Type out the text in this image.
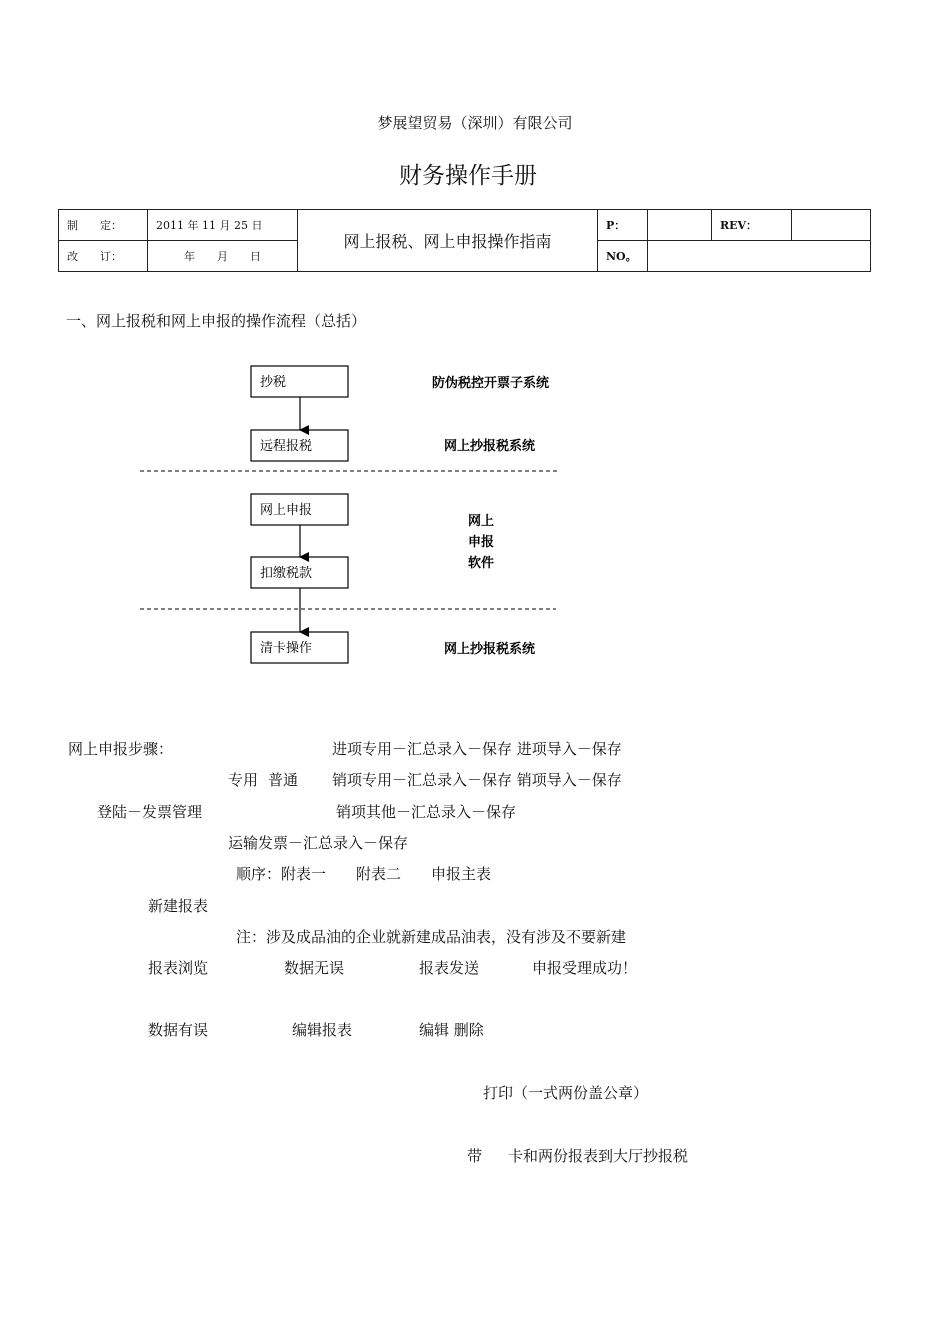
梦展望贸易（深圳）有限公司
财务操作手册
制　　定：	2011 年 11 月 25 日	网上报税、网上申报操作指南	P：		REV：	
改　　订：	年　　月　　日		NO。			
一、网上报税和网上申报的操作流程（总括）
抄税
远程报税
网上申报
扣缴税款
清卡操作
防伪税控开票子系统
网上抄报税系统
网上
申报
软件
网上抄报税系统
网上申报步骤：	进项专用－汇总录入－保存 进项导入－保存
专用 普通 销项专用－汇总录入－保存 销项导入－保存
登陆－发票管理	销项其他－汇总录入－保存
运输发票－汇总录入－保存
顺序：附表一　　附表二　　申报主表
新建报表
注：涉及成品油的企业就新建成品油表，没有涉及不要新建
报表浏览	数据无误	报表发送	申报受理成功！
数据有误	编辑报表	编辑 删除
打印（一式两份盖公章）
带 卡和两份报表到大厅抄报税
